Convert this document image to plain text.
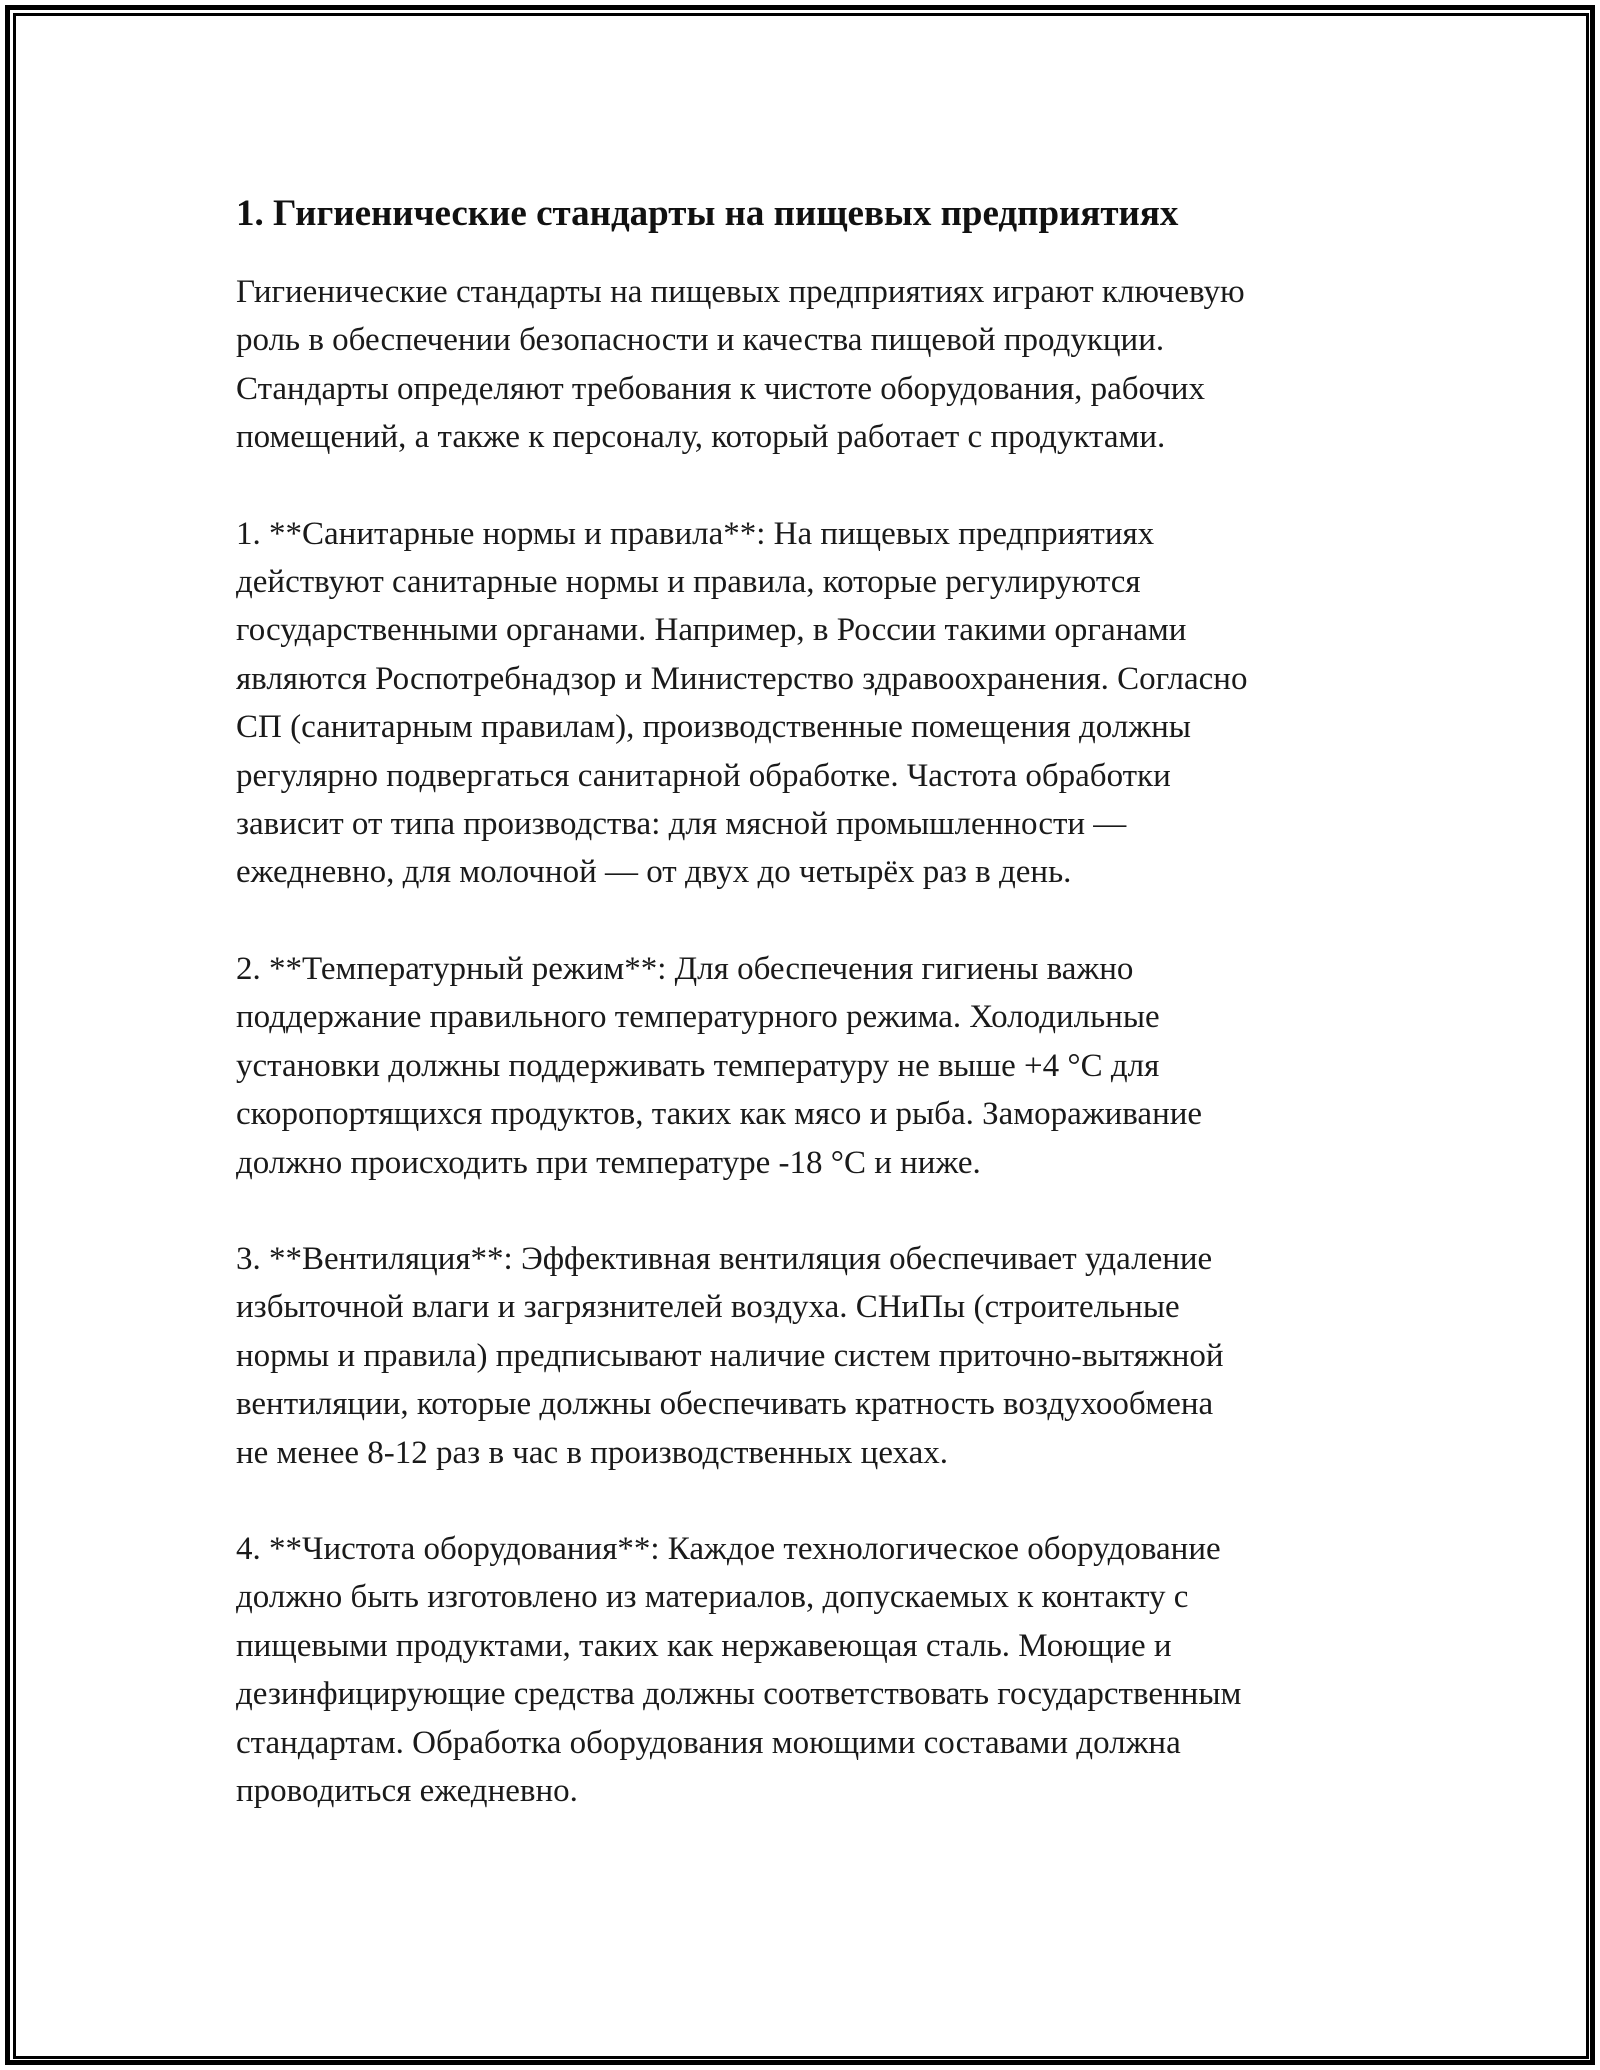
1. Гигиенические стандарты на пищевых предприятиях

Гигиенические стандарты на пищевых предприятиях играют ключевую
роль в обеспечении безопасности и качества пищевой продукции.
Стандарты определяют требования к чистоте оборудования, рабочих
помещений, а также к персоналу, который работает с продуктами.

1. **Санитарные нормы и правила**: На пищевых предприятиях
действуют санитарные нормы и правила, которые регулируются
государственными органами. Например, в России такими органами
являются Роспотребнадзор и Министерство здравоохранения. Согласно
СП (санитарным правилам), производственные помещения должны
регулярно подвергаться санитарной обработке. Частота обработки
зависит от типа производства: для мясной промышленности —
ежедневно, для молочной — от двух до четырёх раз в день.

2. **Температурный режим**: Для обеспечения гигиены важно
поддержание правильного температурного режима. Холодильные
установки должны поддерживать температуру не выше +4 °C для
скоропортящихся продуктов, таких как мясо и рыба. Замораживание
должно происходить при температуре -18 °C и ниже.

3. **Вентиляция**: Эффективная вентиляция обеспечивает удаление
избыточной влаги и загрязнителей воздуха. СНиПы (строительные
нормы и правила) предписывают наличие систем приточно-вытяжной
вентиляции, которые должны обеспечивать кратность воздухообмена
не менее 8-12 раз в час в производственных цехах.

4. **Чистота оборудования**: Каждое технологическое оборудование
должно быть изготовлено из материалов, допускаемых к контакту с
пищевыми продуктами, таких как нержавеющая сталь. Моющие и
дезинфицирующие средства должны соответствовать государственным
стандартам. Обработка оборудования моющими составами должна
проводиться ежедневно.
